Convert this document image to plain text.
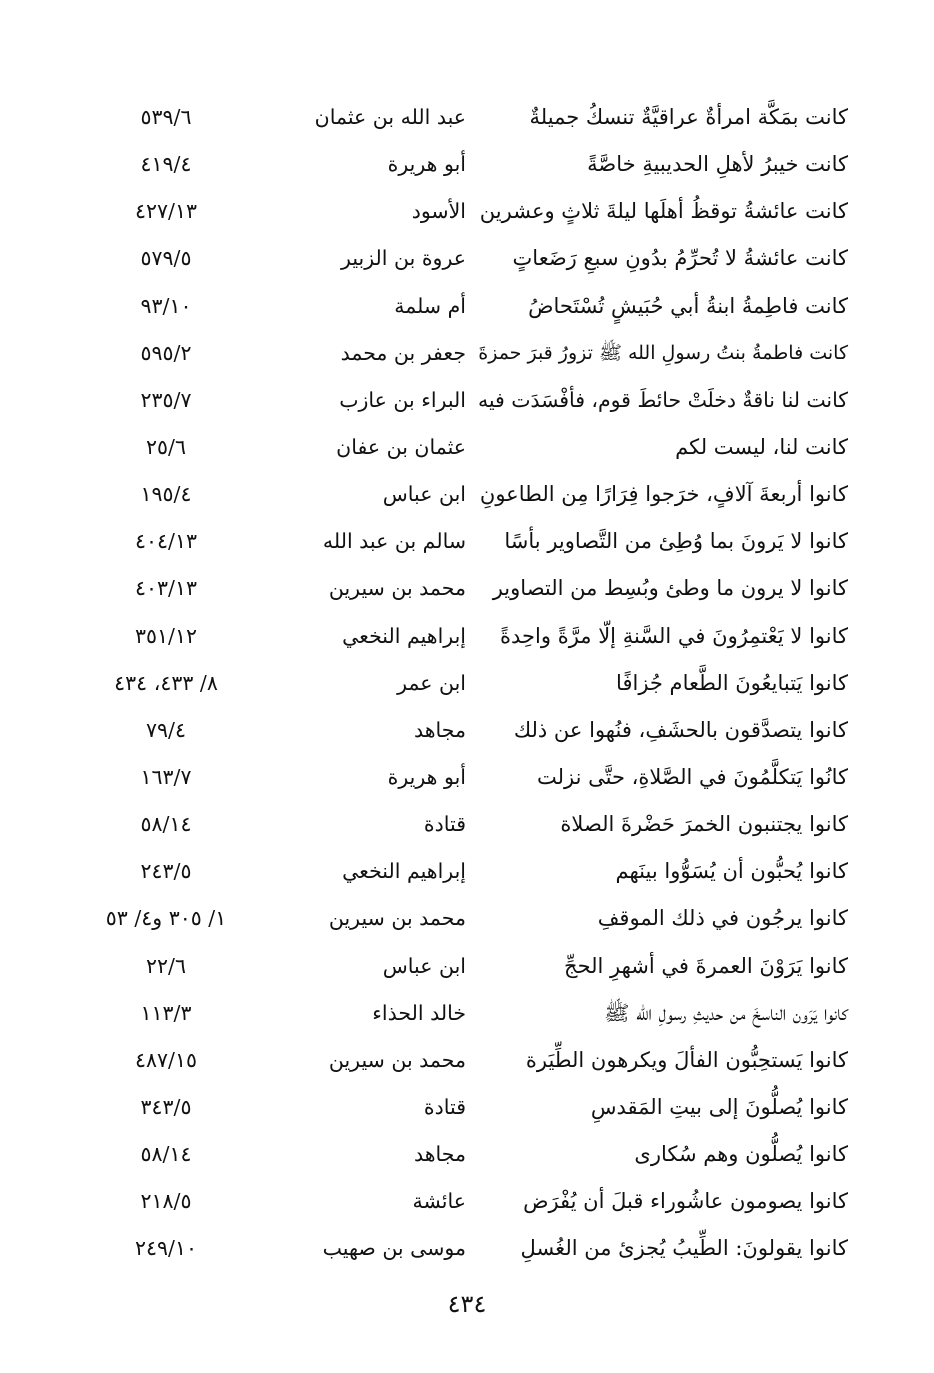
كانت بمَكَّة امرأةٌ عراقيَّةٌ تنسكُ جميلةٌ
عبد الله بن عثمان
٥٣٩/٦
كانت خيبرُ لأهلِ الحديبيةِ خاصَّةً
أبو هريرة
٤١٩/٤
كانت عائشةُ توقظُ أهلَها ليلةَ ثلاثٍ وعشرين
الأسود
٤٢٧/١٣
كانت عائشةُ لا تُحرِّمُ بدُونِ سبعِ رَضَعاتٍ
عروة بن الزبير
٥٧٩/٥
كانت فاطِمةُ ابنةُ أبي حُبَيشٍ تُسْتَحاضُ
أم سلمة
٩٣/١٠
كانت فاطمةُ بنتُ رسولِ الله ﷺ تزورُ قبرَ حمزةَ
جعفر بن محمد
٥٩٥/٢
كانت لنا ناقةٌ دخلَتْ حائطَ قوم، فأفْسَدَت فيه
البراء بن عازب
٢٣٥/٧
كانت لنا، ليست لكم
عثمان بن عفان
٢٥/٦
كانوا أربعةَ آلافٍ، خرَجوا فِرَارًا مِن الطاعونِ
ابن عباس
١٩٥/٤
كانوا لا يَرونَ بما وُطِئ من التَّصاوير بأسًا
سالم بن عبد الله
٤٠٤/١٣
كانوا لا يرون ما وطئ وبُسِط من التصاوير
محمد بن سيرين
٤٠٣/١٣
كانوا لا يَعْتمِرُونَ في السَّنةِ إلّا مرَّةً واحِدةً
إبراهيم النخعي
٣٥١/١٢
كانوا يَتبايعُونَ الطَّعام جُزافًا
ابن عمر
٨/ ٤٣٣، ٤٣٤
كانوا يتصدَّقون بالحشَفِ، فنُهوا عن ذلك
مجاهد
٧٩/٤
كانُوا يَتكلَّمُونَ في الصَّلاةِ، حتَّى نزلت
أبو هريرة
١٦٣/٧
كانوا يجتنبون الخمرَ حَضْرةَ الصلاة
قتادة
٥٨/١٤
كانوا يُحبُّون أن يُسَوُّوا بينَهم
إبراهيم النخعي
٢٤٣/٥
كانوا يرجُون في ذلك الموقفِ
محمد بن سيرين
١/ ٣٠٥ و٤/ ٥٣
كانوا يَرَوْنَ العمرةَ في أشهرِ الحجِّ
ابن عباس
٢٢/٦
كانوا يَرَون الناسخَ من حديثِ رسولِ الله ﷺ
خالد الحذاء
١١٣/٣
كانوا يَستحِبُّون الفألَ ويكرهون الطِّيَرة
محمد بن سيرين
٤٨٧/١٥
كانوا يُصلُّونَ إلى بيتِ المَقدسِ
قتادة
٣٤٣/٥
كانوا يُصلُّون وهم سُكارى
مجاهد
٥٨/١٤
كانوا يصومون عاشُوراء قبلَ أن يُفْرَض
عائشة
٢١٨/٥
كانوا يقولونَ: الطِّيبُ يُجزئ من الغُسلِ
موسى بن صهيب
٢٤٩/١٠
٤٣٤
